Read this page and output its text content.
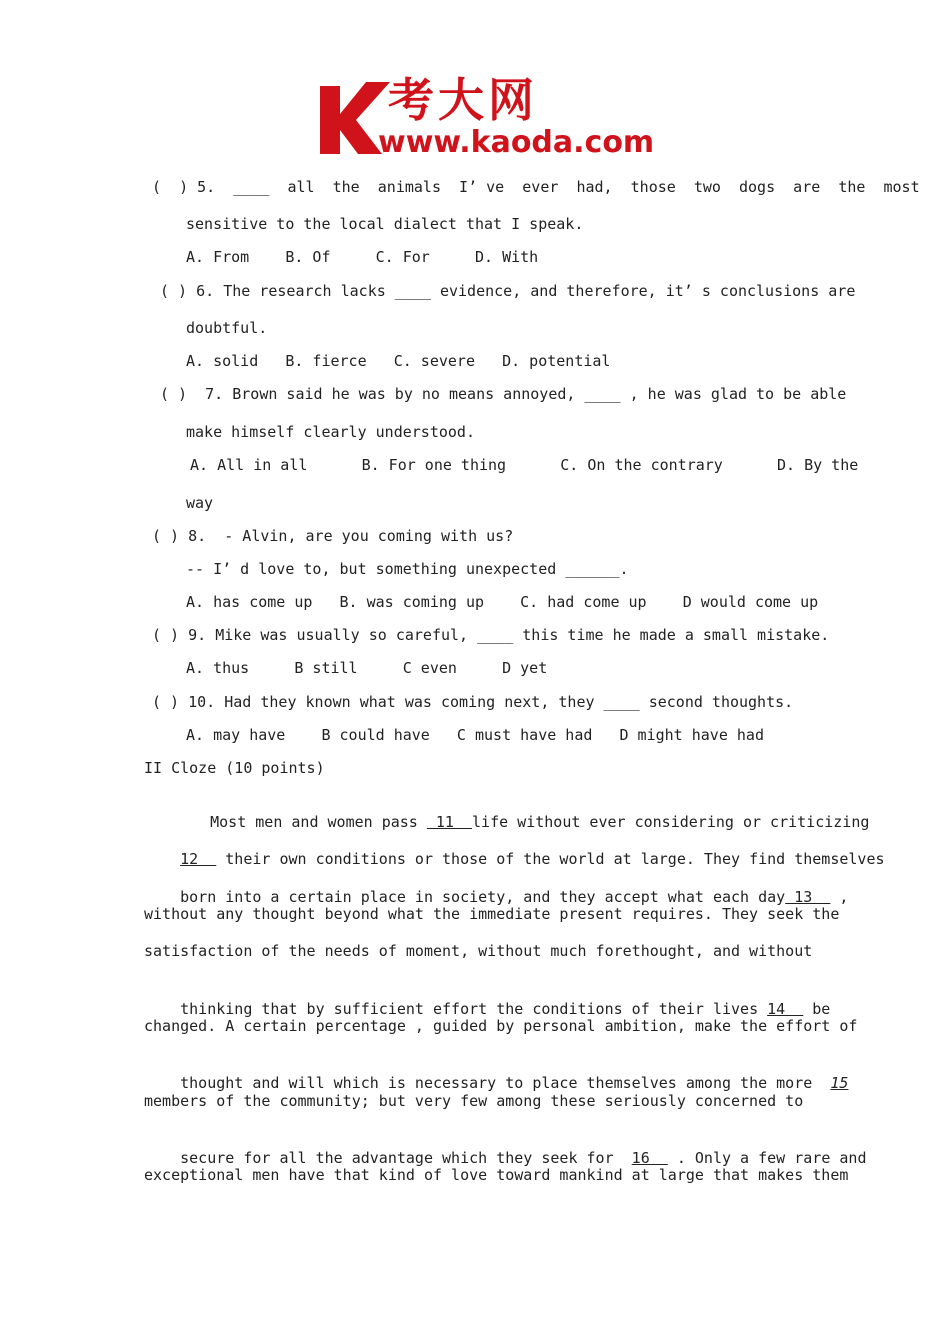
考大网
www.kaoda.com
(  ) 5.  ____  all  the  animals  I’ ve  ever  had,  those  two  dogs  are  the  most
sensitive to the local dialect that I speak.
A. From    B. Of     C. For     D. With
( ) 6. The research lacks ____ evidence, and therefore, it’ s conclusions are
doubtful.
A. solid   B. fierce   C. severe   D. potential
( )  7. Brown said he was by no means annoyed, ____ , he was glad to be able
make himself clearly understood.
A. All in all      B. For one thing      C. On the contrary      D. By the
way
( ) 8.  - Alvin, are you coming with us?
-- I’ d love to, but something unexpected ______.
A. has come up   B. was coming up    C. had come up    D would come up
( ) 9. Mike was usually so careful, ____ this time he made a small mistake.
A. thus     B still     C even     D yet
( ) 10. Had they known what was coming next, they ____ second thoughts.
A. may have    B could have   C must have had   D might have had
II Cloze (10 points)

Most men and women pass  11  life without ever considering or criticizing

12   their own conditions or those of the world at large. They find themselves

born into a certain place in society, and they accept what each day 13   ,

without any thought beyond what the immediate present requires. They seek the
satisfaction of the needs of moment, without much forethought, and without

thinking that by sufficient effort the conditions of their lives 14   be

changed. A certain percentage , guided by personal ambition, make the effort of

thought and will which is necessary to place themselves among the more  15

members of the community; but very few among these seriously concerned to

secure for all the advantage which they seek for  16   . Only a few rare and

exceptional men have that kind of love toward mankind at large that makes them
